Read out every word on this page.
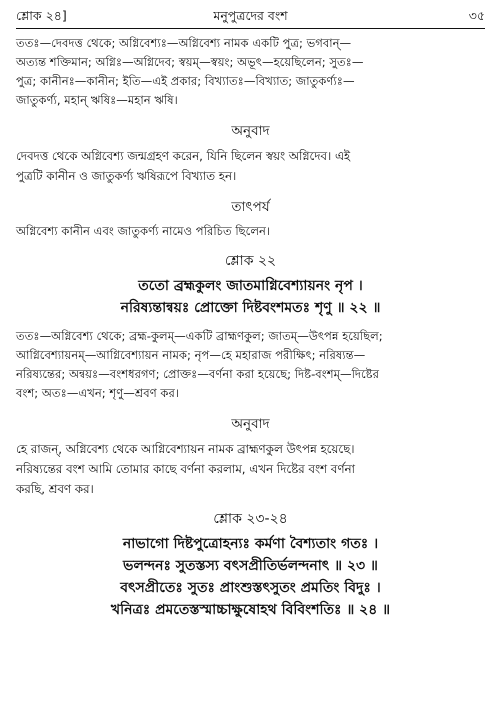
শ্লোক ২৪]	মনুপুত্রদের বংশ	৩৫

ততঃ—দেবদত্ত থেকে; অগ্নিবেশ্যঃ—অগ্নিবেশ্য নামক একটি পুত্র; ভগবান্—

অত্যন্ত শক্তিমান; অগ্নিঃ—অগ্নিদেব; স্বয়ম্—স্বয়ং; অভূৎ—হয়েছিলেন; সুতঃ—

পুত্র; কানীনঃ—কানীন; ইতি—এই প্রকার; বিখ্যাতঃ—বিখ্যাত; জাতুকর্ণ্যঃ—

জাতুকর্ণ্য, মহান্ ঋষিঃ—মহান ঋষি।

অনুবাদ

দেবদত্ত থেকে অগ্নিবেশ্য জন্মগ্রহণ করেন, যিনি ছিলেন স্বয়ং অগ্নিদেব। এই

পুত্রটি কানীন ও জাতুকর্ণ্য ঋষিরূপে বিখ্যাত হন।

তাৎপর্য

অগ্নিবেশ্য কানীন এবং জাতুকর্ণ্য নামেও পরিচিত ছিলেন।

শ্লোক ২২

ততো ব্রহ্মকুলং জাতমাগ্নিবেশ্যায়নং নৃপ ।

নরিষ্যন্তান্বয়ঃ প্রোক্তো দিষ্টবংশমতঃ শৃণু ॥ ২২ ॥

ততঃ—অগ্নিবেশ্য থেকে; ব্রহ্ম-কুলম্—একটি ব্রাহ্মণকুল; জাতম্—উৎপন্ন হয়েছিল;

আগ্নিবেশ্যায়নম্—আগ্নিবেশ্যায়ন নামক; নৃপ—হে মহারাজ পরীক্ষিৎ; নরিষ্যন্ত—

নরিষ্যন্তের; অন্বয়ঃ—বংশধরগণ; প্রোক্তঃ—বর্ণনা করা হয়েছে; দিষ্ট-বংশম্—দিষ্টের

বংশ; অতঃ—এখন; শৃণু—শ্রবণ কর।

অনুবাদ

হে রাজন্, অগ্নিবেশ্য থেকে আগ্নিবেশ্যায়ন নামক ব্রাহ্মণকুল উৎপন্ন হয়েছে।

নরিষ্যন্তের বংশ আমি তোমার কাছে বর্ণনা করলাম, এখন দিষ্টের বংশ বর্ণনা

করছি, শ্রবণ কর।

শ্লোক ২৩-২৪

নাভাগো দিষ্টপুত্রোহন্যঃ কর্মণা বৈশ্যতাং গতঃ ।

ভলন্দনঃ সুতস্তস্য বৎসপ্রীতির্ভলন্দনাৎ ॥ ২৩ ॥

বৎসপ্রীতেঃ সুতঃ প্রাংশুস্তৎসুতং প্রমতিং বিদুঃ ।

খনিত্রঃ প্রমতেস্তস্মাচ্চাক্ষুষোহথ বিবিংশতিঃ ॥ ২৪ ॥
